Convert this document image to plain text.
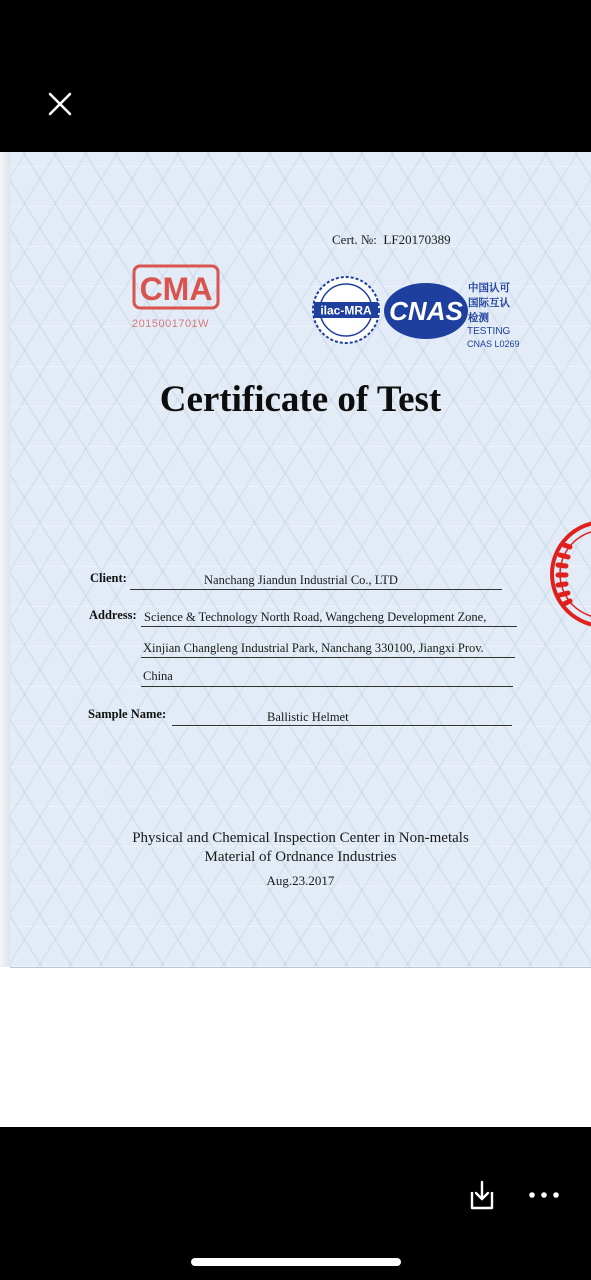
Cert. №: LF20170389
CMA
2015001701W
ilac-MRA CNAS
中国认可
国际互认
检测
TESTING
CNAS L0269
Certificate of Test
Client:	Nanchang Jiandun Industrial Co., LTD
Address: Science & Technology North Road, Wangcheng Development Zone,
Xinjian Changleng Industrial Park, Nanchang 330100, Jiangxi Prov.
China
Sample Name:	Ballistic Helmet
Physical and Chemical Inspection Center in Non-metals
Material of Ordnance Industries
Aug.23.2017
